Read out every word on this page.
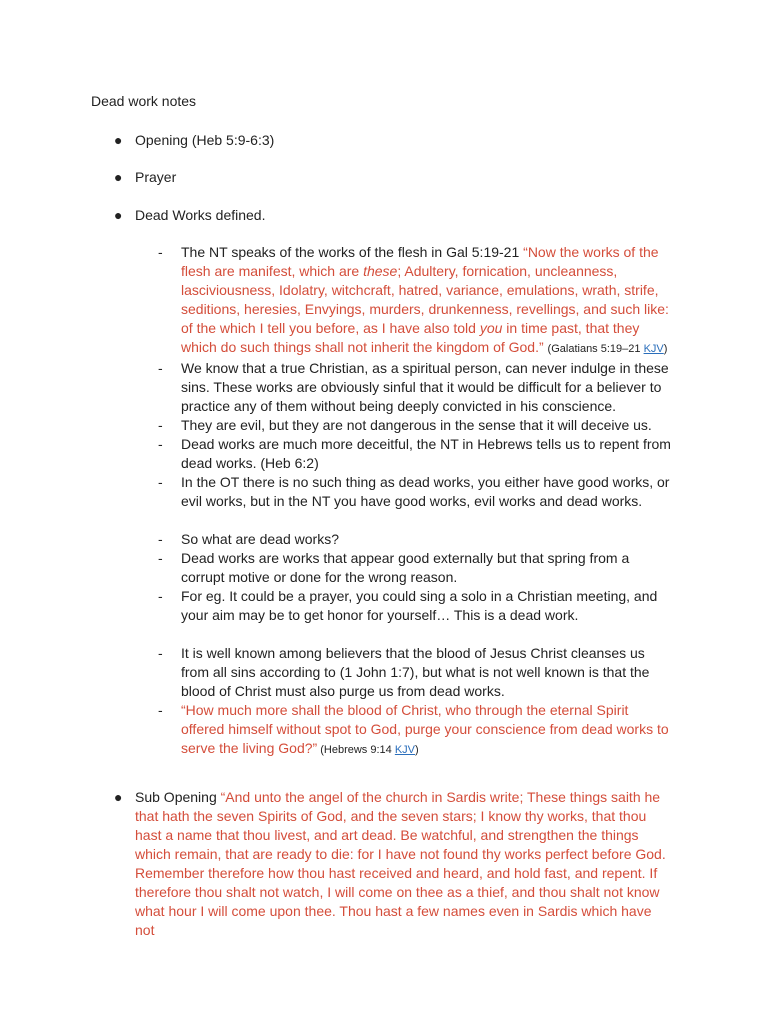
Dead work notes
● Opening (Heb 5:9-6:3)
● Prayer
● Dead Works defined.
- The NT speaks of the works of the flesh in Gal 5:19-21 “Now the works of the flesh are manifest, which are these; Adultery, fornication, uncleanness, lasciviousness, Idolatry, witchcraft, hatred, variance, emulations, wrath, strife, seditions, heresies, Envyings, murders, drunkenness, revellings, and such like: of the which I tell you before, as I have also told you in time past, that they which do such things shall not inherit the kingdom of God.” (Galatians 5:19–21 KJV)
- We know that a true Christian, as a spiritual person, can never indulge in these sins. These works are obviously sinful that it would be difficult for a believer to practice any of them without being deeply convicted in his conscience.
- They are evil, but they are not dangerous in the sense that it will deceive us.
- Dead works are much more deceitful, the NT in Hebrews tells us to repent from dead works. (Heb 6:2)
- In the OT there is no such thing as dead works, you either have good works, or evil works, but in the NT you have good works, evil works and dead works.
- So what are dead works?
- Dead works are works that appear good externally but that spring from a corrupt motive or done for the wrong reason.
- For eg. It could be a prayer, you could sing a solo in a Christian meeting, and your aim may be to get honor for yourself… This is a dead work.
- It is well known among believers that the blood of Jesus Christ cleanses us from all sins according to (1 John 1:7), but what is not well known is that the blood of Christ must also purge us from dead works.
- “How much more shall the blood of Christ, who through the eternal Spirit offered himself without spot to God, purge your conscience from dead works to serve the living God?” (Hebrews 9:14 KJV)
● Sub Opening “And unto the angel of the church in Sardis write; These things saith he that hath the seven Spirits of God, and the seven stars; I know thy works, that thou hast a name that thou livest, and art dead. Be watchful, and strengthen the things which remain, that are ready to die: for I have not found thy works perfect before God. Remember therefore how thou hast received and heard, and hold fast, and repent. If therefore thou shalt not watch, I will come on thee as a thief, and thou shalt not know what hour I will come upon thee. Thou hast a few names even in Sardis which have not
